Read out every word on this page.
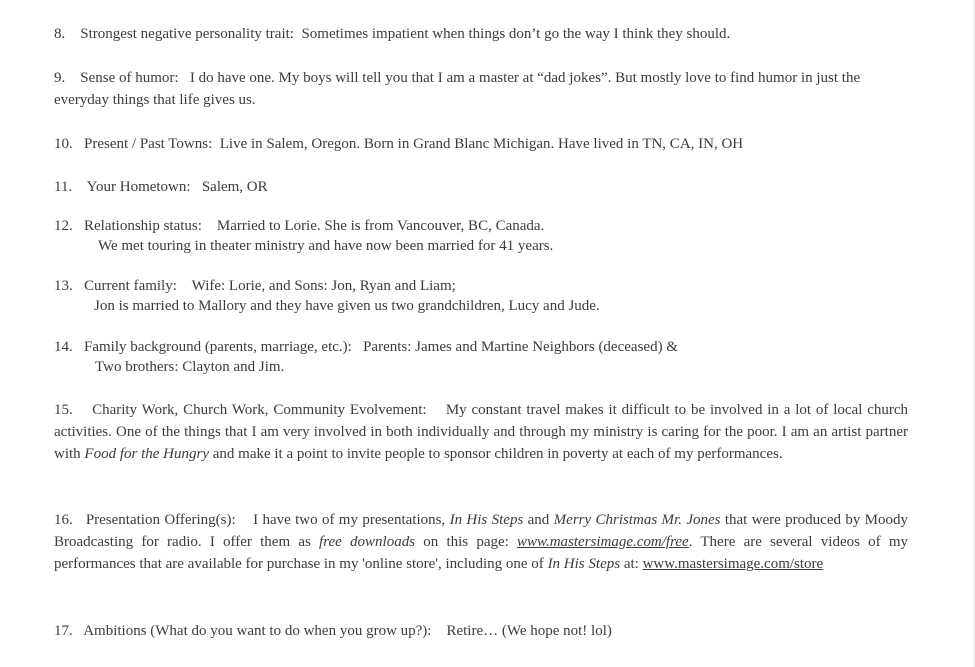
8. Strongest negative personality trait: Sometimes impatient when things don’t go the way I think they should.

9. Sense of humor: I do have one. My boys will tell you that I am a master at “dad jokes”. But mostly love to find humor in just the everyday things that life gives us.

10. Present / Past Towns: Live in Salem, Oregon. Born in Grand Blanc Michigan. Have lived in TN, CA, IN, OH

11. Your Hometown: Salem, OR

12. Relationship status: Married to Lorie. She is from Vancouver, BC, Canada.
We met touring in theater ministry and have now been married for 41 years.
13. Current family: Wife: Lorie, and Sons: Jon, Ryan and Liam;
Jon is married to Mallory and they have given us two grandchildren, Lucy and Jude.
14. Family background (parents, marriage, etc.): Parents: James and Martine Neighbors (deceased) &
Two brothers: Clayton and Jim.

15. Charity Work, Church Work, Community Evolvement: My constant travel makes it difficult to be involved in a lot of local church activities. One of the things that I am very involved in both individually and through my ministry is caring for the poor. I am an artist partner with Food for the Hungry and make it a point to invite people to sponsor children in poverty at each of my performances.

16. Presentation Offering(s): I have two of my presentations, In His Steps and Merry Christmas Mr. Jones that were produced by Moody Broadcasting for radio. I offer them as free downloads on this page: www.mastersimage.com/free. There are several videos of my performances that are available for purchase in my 'online store', including one of In His Steps at: www.mastersimage.com/store

17. Ambitions (What do you want to do when you grow up?): Retire… (We hope not! lol)
